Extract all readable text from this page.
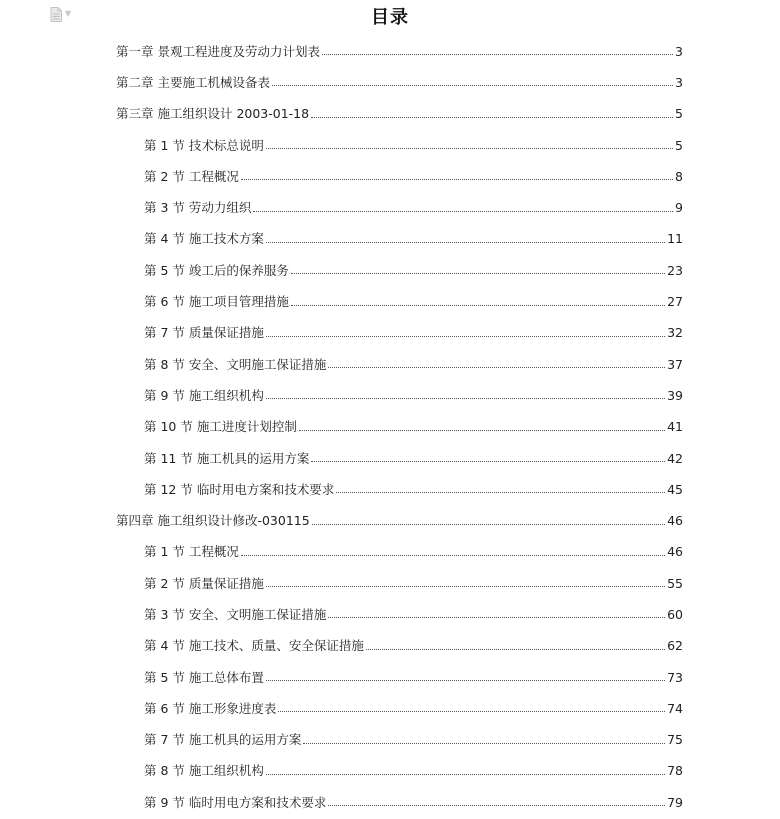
▼	目录
第一章 景观工程进度及劳动力计划表	3
第二章 主要施工机械设备表	3
第三章 施工组织设计 2003-01-18	5
第 1 节 技术标总说明	5
第 2 节 工程概况	8
第 3 节 劳动力组织	9
第 4 节 施工技术方案	11
第 5 节 竣工后的保养服务	23
第 6 节 施工项目管理措施	27
第 7 节 质量保证措施	32
第 8 节 安全、文明施工保证措施	37
第 9 节 施工组织机构	39
第 10 节 施工进度计划控制	41
第 11 节 施工机具的运用方案	42
第 12 节 临时用电方案和技术要求	45
第四章 施工组织设计修改-030115	46
第 1 节 工程概况	46
第 2 节 质量保证措施	55
第 3 节 安全、文明施工保证措施	60
第 4 节 施工技术、质量、安全保证措施	62
第 5 节 施工总体布置	73
第 6 节 施工形象进度表	74
第 7 节 施工机具的运用方案	75
第 8 节 施工组织机构	78
第 9 节 临时用电方案和技术要求	79
